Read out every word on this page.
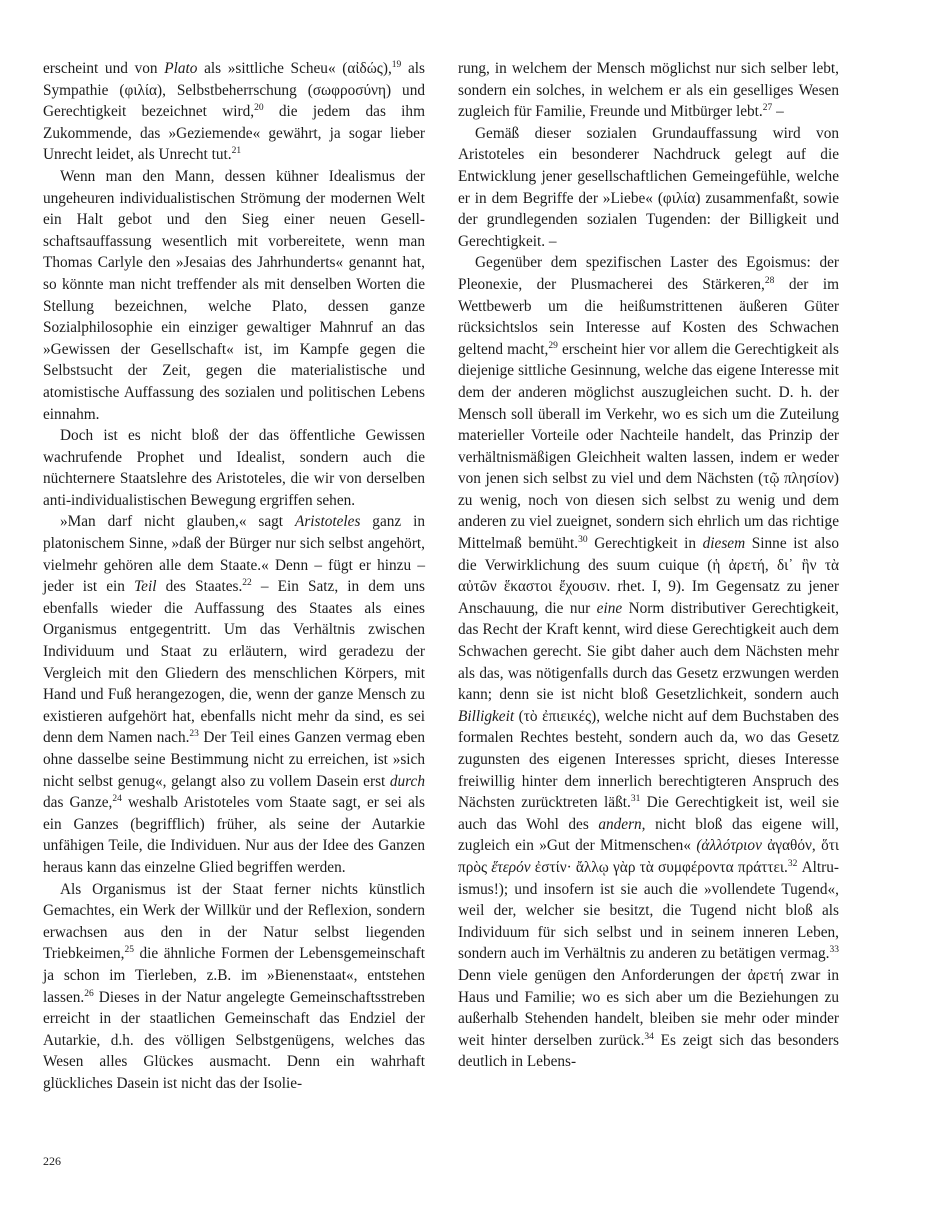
erscheint und von Plato als »sittliche Scheu« (αἰδώς),$^{19}$ als Sympathie (φιλία), Selbstbeherrschung (σωφροσύνη) und Gerechtigkeit bezeichnet wird,$^{20}$ die jedem das ihm Zukommende, das »Geziemende« gewährt, ja sogar lieber Unrecht leidet, als Unrecht tut.$^{21}$

Wenn man den Mann, dessen kühner Idealismus der ungeheuren individualistischen Strömung der modernen Welt ein Halt gebot und den Sieg einer neuen Gesellschaftsauffassung wesentlich mit vorbereitete, wenn man Thomas Carlyle den »Jesaias des Jahrhunderts« genannt hat, so könnte man nicht treffender als mit denselben Worten die Stellung bezeichnen, welche Plato, dessen ganze Sozialphilosophie ein einziger gewaltiger Mahnruf an das »Gewissen der Gesellschaft« ist, im Kampfe gegen die Selbstsucht der Zeit, gegen die materialistische und atomistische Auffassung des sozialen und politischen Lebens einnahm.

Doch ist es nicht bloß der das öffentliche Gewissen wachrufende Prophet und Idealist, sondern auch die nüchternere Staatslehre des Aristoteles, die wir von derselben anti-individualistischen Bewegung ergriffen sehen.

»Man darf nicht glauben,« sagt Aristoteles ganz in platonischem Sinne, »daß der Bürger nur sich selbst angehört, vielmehr gehören alle dem Staate.« Denn – fügt er hinzu – jeder ist ein Teil des Staates.$^{22}$ – Ein Satz, in dem uns ebenfalls wieder die Auffassung des Staates als eines Organismus entgegentritt. Um das Verhältnis zwischen Individuum und Staat zu erläutern, wird geradezu der Vergleich mit den Gliedern des menschlichen Körpers, mit Hand und Fuß herangezogen, die, wenn der ganze Mensch zu existieren aufgehört hat, ebenfalls nicht mehr da sind, es sei denn dem Namen nach.$^{23}$ Der Teil eines Ganzen vermag eben ohne dasselbe seine Bestimmung nicht zu erreichen, ist »sich nicht selbst genug«, gelangt also zu vollem Dasein erst durch das Ganze,$^{24}$ weshalb Aristoteles vom Staate sagt, er sei als ein Ganzes (begrifflich) früher, als seine der Autarkie unfähigen Teile, die Individuen. Nur aus der Idee des Ganzen heraus kann das einzelne Glied begriffen werden.

Als Organismus ist der Staat ferner nichts künstlich Gemachtes, ein Werk der Willkür und der Reflexion, sondern erwachsen aus den in der Natur selbst liegenden Triebkeimen,$^{25}$ die ähnliche Formen der Lebensgemeinschaft ja schon im Tierleben, z.B. im »Bienenstaat«, entstehen lassen.$^{26}$ Dieses in der Natur angelegte Gemeinschaftsstreben erreicht in der staatlichen Gemeinschaft das Endziel der Autarkie, d.h. des völligen Selbstgenügens, welches das Wesen alles Glückes ausmacht. Denn ein wahrhaft glückliches Dasein ist nicht das der Isolie-

rung, in welchem der Mensch möglichst nur sich selber lebt, sondern ein solches, in welchem er als ein geselliges Wesen zugleich für Familie, Freunde und Mitbürger lebt.$^{27}$ –

Gemäß dieser sozialen Grundauffassung wird von Aristoteles ein besonderer Nachdruck gelegt auf die Entwicklung jener gesellschaftlichen Gemeingefühle, welche er in dem Begriffe der »Liebe« (φιλία) zusammenfaßt, sowie der grundlegenden sozialen Tugenden: der Billigkeit und Gerechtigkeit. –

Gegenüber dem spezifischen Laster des Egoismus: der Pleonexie, der Plusmacherei des Stärkeren,$^{28}$ der im Wettbewerb um die heißumstrittenen äußeren Güter rücksichtslos sein Interesse auf Kosten des Schwachen geltend macht,$^{29}$ erscheint hier vor allem die Gerechtigkeit als diejenige sittliche Gesinnung, welche das eigene Interesse mit dem der anderen möglichst auszugleichen sucht. D. h. der Mensch soll überall im Verkehr, wo es sich um die Zuteilung materieller Vorteile oder Nachteile handelt, das Prinzip der verhältnismäßigen Gleichheit walten lassen, indem er weder von jenen sich selbst zu viel und dem Nächsten (τῷ πλησίον) zu wenig, noch von diesen sich selbst zu wenig und dem anderen zu viel zueignet, sondern sich ehrlich um das richtige Mittelmaß bemüht.$^{30}$ Gerechtigkeit in diesem Sinne ist also die Verwirklichung des suum cuique (ἡ ἀρετή, δι᾽ ἣν τὰ αὐτῶν ἕκαστοι ἔχουσιν. rhet. I, 9). Im Gegensatz zu jener Anschauung, die nur eine Norm distributiver Gerechtigkeit, das Recht der Kraft kennt, wird diese Gerechtigkeit auch dem Schwachen gerecht. Sie gibt daher auch dem Nächsten mehr als das, was nötigenfalls durch das Gesetz erzwungen werden kann; denn sie ist nicht bloß Gesetzlichkeit, sondern auch Billigkeit (τὸ ἐπιεικές), welche nicht auf dem Buchstaben des formalen Rechtes besteht, sondern auch da, wo das Gesetz zugunsten des eigenen Interesses spricht, dieses Interesse freiwillig hinter dem innerlich berechtigteren Anspruch des Nächsten zurücktreten läßt.$^{31}$ Die Gerechtigkeit ist, weil sie auch das Wohl des andern, nicht bloß das eigene will, zugleich ein »Gut der Mitmenschen« (ἀλλότριον ἀγαθόν, ὅτι πρὸς ἕτερόν ἐστίν· ἄλλῳ γὰρ τὰ συμφέροντα πράττει.$^{32}$ Altruismus!); und insofern ist sie auch die »vollendete Tugend«, weil der, welcher sie besitzt, die Tugend nicht bloß als Individuum für sich selbst und in seinem inneren Leben, sondern auch im Verhältnis zu anderen zu betätigen vermag.$^{33}$ Denn viele genügen den Anforderungen der ἀρετή zwar in Haus und Familie; wo es sich aber um die Beziehungen zu außerhalb Stehenden handelt, bleiben sie mehr oder minder weit hinter derselben zurück.$^{34}$ Es zeigt sich das besonders deutlich in Lebens-

226
